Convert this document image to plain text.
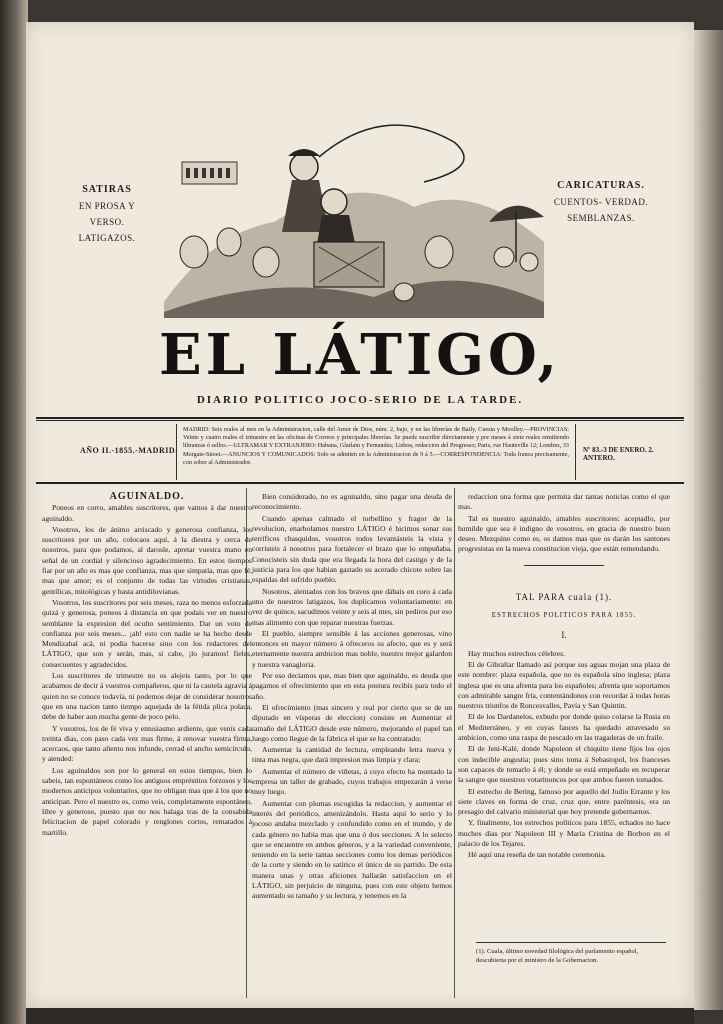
SATIRAS
EN PROSA Y VERSO.
LATIGAZOS.
CARICATURAS.
CUENTOS- VERDAD.
SEMBLANZAS.
EL LÁTIGO,
DIARIO POLITICO JOCO-SERIO DE LA TARDE.
AÑO II.-1855.-MADRID.
MADRID: Seis reales al mes en la Administracion, calle del Amor de Dios, núm. 2, bajo, y en las librerías de Baily, Cuesta y Moolley.—PROVINCIAS: Veinte y cuatro reales el trimestre en las oficinas de Correos y principales librerías. Se puede suscribir directamente y por meses á siete reales remitiendo libranzas ó sellos.—ULTRAMAR Y EXTRANJERO: Habana, Glarlain y Fernandez; Lisboa, redaccion del Progresso; Paris, rue Hauteville 12; Londres, 33 Morgate-Street.—ANUNCIOS Y COMUNICADOS: Solo se admiten en la Administracion de 9 á 5.—CORRESPONDENCIA: Toda franca precisamente, con sobre al Administrador.
Nº 83.-3 DE ENERO. 2. ANTERO.

AGUINALDO.

Poneos en corro, amables suscritores, que vamos á dar nuestro aguinaldo.

Vosotros, los de ánimo arriscado y generosa confianza, los suscritores por un año, colocaos aquí, á la diestra y cerca de nosotros, para que podamos, al darosle, apretar vuestra mano en señal de un cordial y silencioso agradecimiento. En estos tiempos fiar por un año es mas que confianza, mas que simpatía, mas que fé, mas que amor; es el conjunto de todas las virtudes cristianas, gentílicas, mitológicas y hasta antidiluvianas.

Vosotros, los suscritores por seis meses, raza no menos esforzada quizá y generosa, poneos á distancia en que podais ver en nuestro semblante la expresion del oculto sentimiento. Dar un voto de confianza por seis meses... ¡ah! esto con nadie se ha hecho desde Mendizabal acá, ni podia hacerse sino con los redactores del LÁTIGO, que son y serán, mas, si cabe, ¡lo juramos! fieles, consecuentes y agradecidos.

Los suscritores de trimestre no os alejeis tanto, por lo que acabamos de decir á vuestros compañeros, que ni la cautela agravia á quien no se conoce todavía, ni podemos dejar de considerar nosotros que en una nacion tanto tiempo aquejada de la fétida plica polaca, debe de haber aun mucha gente de poco pelo.

Y vosotros, los de fé viva y entusiasmo ardiente, que venís cada treinta dias, con paso cada vez mas firme, á renovar vuestra firma, acercaos, que tanto aliento nos infunde, cerrad el ancho semicírculo, y atended:

Los aguinaldos son por lo general en estos tiempos, bien lo sabeis, tan espontáneos como los antiguos empréstitos forzosos y los modernos anticipos voluntarios, que no obligan mas que á los que no anticipan. Pero el nuestro es, como veis, completamente espontáneo, libre y generoso, puesto que no nos halaga tras de la consabida felicitacion de papel colorado y renglones cortos, rematados á martillo.

Bien considerado, no es aguinaldo, sino pagar una deuda de reconocimiento.

Cuando apenas calmado el torbellino y fragor de la revolucion, enarbolamos nuestro LÁTIGO é hicimos sonar sus terríficos chasquidos, vosotros todos levantásteis la vista y corristeis á nosotros para fortalecer el brazo que lo empuñaba. Conocisteis sin duda que era llegada la hora del castigo y de la justicia para los que habian gastado su acerado chicote sobre las espaldas del sufrido pueblo.

Nosotros, alentados con los bravos que dábais en coro á cada uno de nuestros latigazos, los duplicamos voluntariamente: en vez de quince, sacudimos veinte y seis al mes, sin pediros por eso mas alimento con que reparar nuestras fuerzas.

El pueblo, siempre sensible á las acciones generosas, vino entonces en mayor número á ofreceros su afecto, que es y será eternamente nuestra ambicion mas noble, nuestro mejor galardon y nuestra vanagloria.

Por eso decíamos que, mas bien que aguinaldo, es deuda que pagamos el ofrecimiento que en esta postura recibís para todo el año.

El ofrecimiento (mas sincero y real por cierto que se de un diputado en vísperas de eleccion) consiste en Aumentar el tamaño del LÁTIGO desde este número, mejorando el papel tan luego como llegue de la fábrica el que se ha contratado;

Aumentar la cantidad de lectura, empleando letra nueva y tinta mas negra, que dará impresion mas limpia y clara;

Aumentar el número de viñetas, á cuyo efecto ha montado la empresa un taller de grabado, cuyos trabajos empezarán á verse muy luego.

Aumentar con plumas escogidas la redaccion, y aumentar el interés del periódico, amenizándolo. Hasta aquí lo serio y lo jocoso andaba mezclado y confundido como en el mundo, y de cada género no habia mas que una ó dos secciones. A lo selecto que se encuentre en ambos géneros, y a la variedad conveniente, teniendo en la serie tantas secciones como los demas periódicos de la corte y siendo en lo satírico el único de su partido. De esta manera unas y otras aficiones hallarán satisfaccion en el LÁTIGO, sin perjuicio de ninguna, pues con este objeto hemos aumentado su tamaño y su lectura, y tenemos en la

redaccion una forma que permita dar tantas noticias como el que mas.

Tal es nuestro aguinaldo, amables suscritores: aceptadlo, por humilde que sea é indigno de vosotros, en gracia de nuestro buen deseo. Mezquino como es, os damos mas que os darán los santones progresistas en la nueva constitucion vieja, que están remendando.

TAL PARA cuala (1).

ESTRECHOS POLITICOS PARA 1855.

I.

Hay muchos estrechos célebres.

El de Gibraltar llamado así porque sus aguas mojan una plaza de este nombre: plaza española, que no es española sino inglesa; plaza inglesa que es una afrenta para los españoles; afrenta que soportamos con admirable sangre fría, contentándonos con recordar á todas horas nuestros triunfos de Roncesvalles, Pavía y San Quintin.

El de los Dardanelos, exbudo por donde quiso colarse la Rusia en el Mediterráneo, y en cuyas fauces ha quedado atravesado su ambicion, como una raspa de pescado en las tragaderas de un fraile.

El de Jeni-Kalé, donde Napoleon el chiquito tiene fijos los ojos con indecible angustia; pues sino toma á Sebastopol, los franceses son capaces de tomarlo á él; y donde se está empeñado en recuperar la sangre que nuestros votarinoncos por que ambos fueren tomados.

El estrecho de Bering, famoso por aquello del Judío Errante y los siete claves en forma de cruz, cruz que, entre paréntesis, era un presagio del calvario ministerial que hoy pretende gobernarnos.

Y, finalmente, los estrechos políticos para 1855, echados no hace muchos dias por Napoleon III y María Cristina de Borbon en el palacio de los Tejares.

Hé aquí una reseña de tan notable ceremonia.

(1). Cuala, último novedad filológica del parlamento español, descubierta por el ministro de la Gobernacion.
